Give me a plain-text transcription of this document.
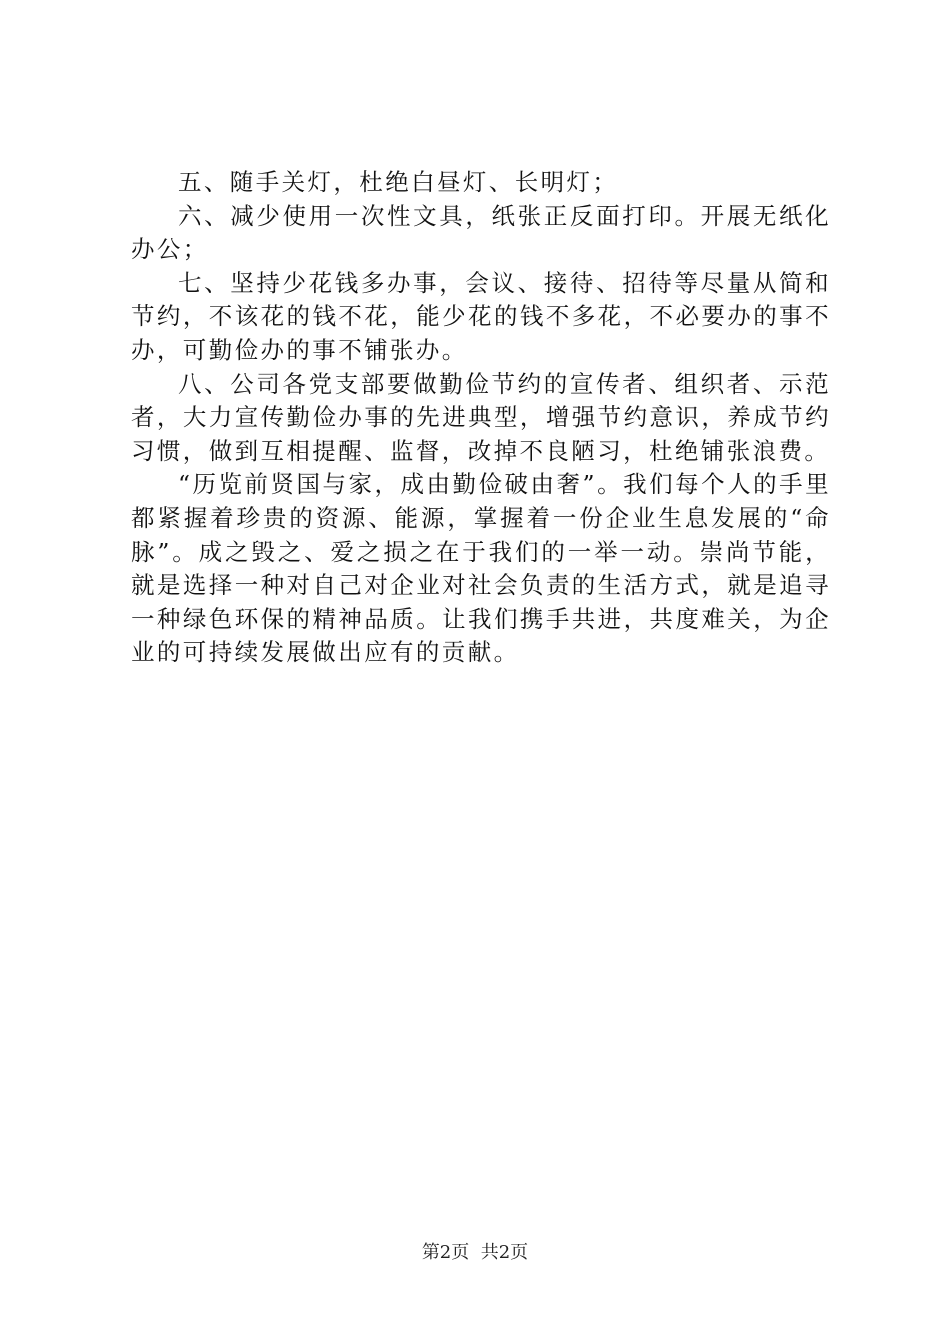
五、随手关灯，杜绝白昼灯、长明灯；

六、减少使用一次性文具，纸张正反面打印。开展无纸化办公；

七、坚持少花钱多办事，会议、接待、招待等尽量从简和节约，不该花的钱不花，能少花的钱不多花，不必要办的事不办，可勤俭办的事不铺张办。

八、公司各党支部要做勤俭节约的宣传者、组织者、示范者，大力宣传勤俭办事的先进典型，增强节约意识，养成节约习惯，做到互相提醒、监督，改掉不良陋习，杜绝铺张浪费。

“历览前贤国与家，成由勤俭破由奢”。我们每个人的手里都紧握着珍贵的资源、能源，掌握着一份企业生息发展的“命脉”。成之毁之、爱之损之在于我们的一举一动。崇尚节能，就是选择一种对自己对企业对社会负责的生活方式，就是追寻一种绿色环保的精神品质。让我们携手共进，共度难关，为企业的可持续发展做出应有的贡献。

第2页  共2页
